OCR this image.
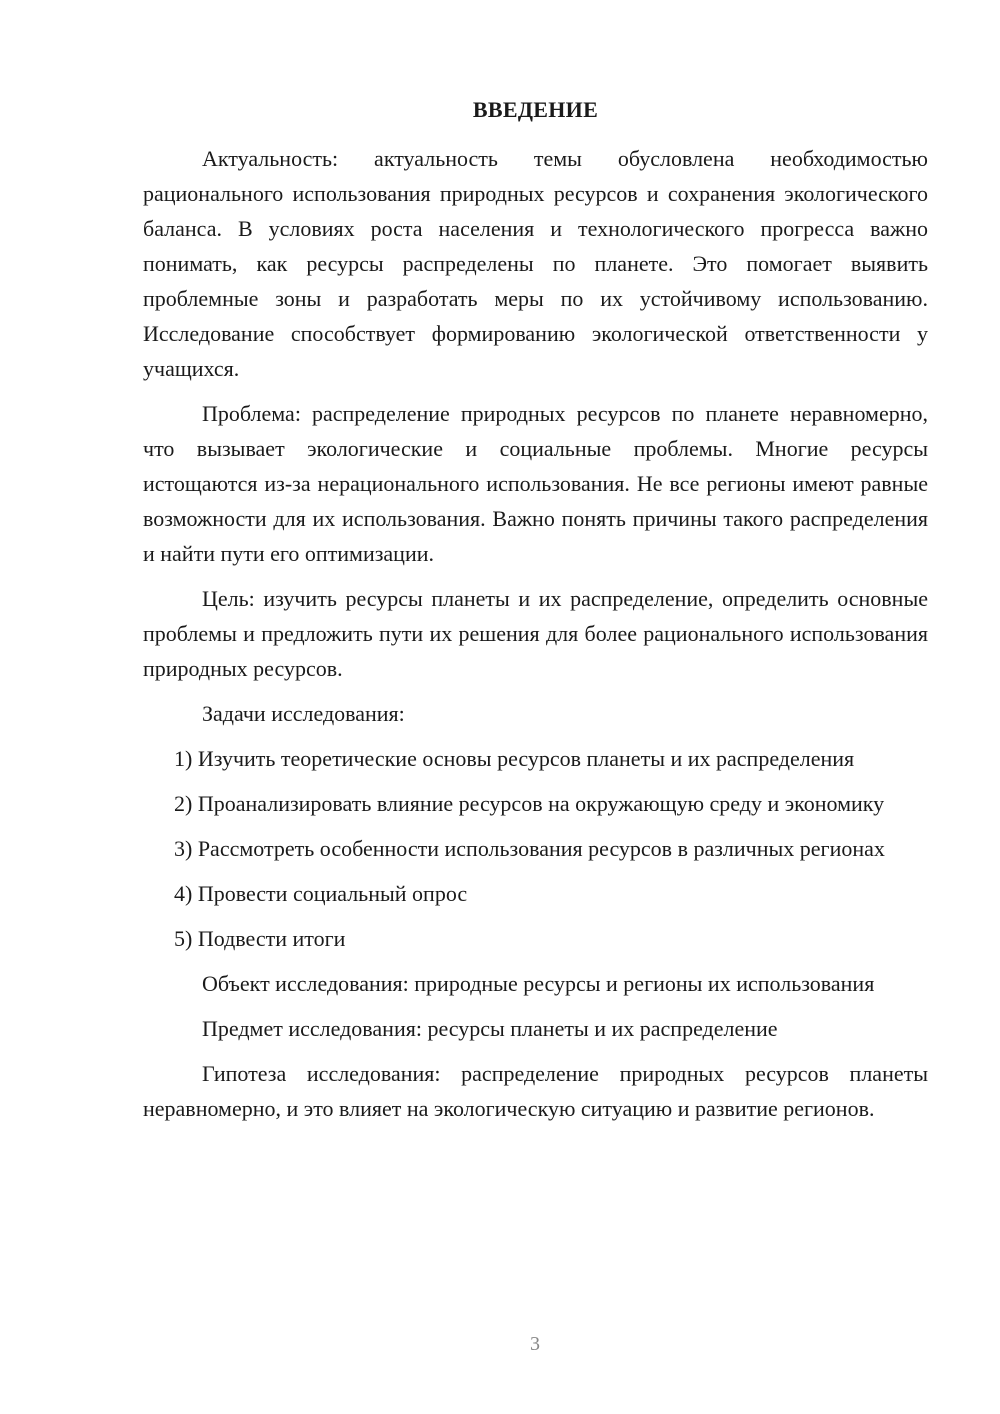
ВВЕДЕНИЕ

Актуальность: актуальность темы обусловлена необходимостью рационального использования природных ресурсов и сохранения экологического баланса. В условиях роста населения и технологического прогресса важно понимать, как ресурсы распределены по планете. Это помогает выявить проблемные зоны и разработать меры по их устойчивому использованию. Исследование способствует формированию экологической ответственности у учащихся.

Проблема: распределение природных ресурсов по планете неравномерно, что вызывает экологические и социальные проблемы. Многие ресурсы истощаются из-за нерационального использования. Не все регионы имеют равные возможности для их использования. Важно понять причины такого распределения и найти пути его оптимизации.

Цель: изучить ресурсы планеты и их распределение, определить основные проблемы и предложить пути их решения для более рационального использования природных ресурсов.

Задачи исследования:

1) Изучить теоретические основы ресурсов планеты и их распределения

2) Проанализировать влияние ресурсов на окружающую среду и экономику

3) Рассмотреть особенности использования ресурсов в различных регионах

4) Провести социальный опрос

5) Подвести итоги

Объект исследования: природные ресурсы и регионы их использования

Предмет исследования: ресурсы планеты и их распределение

Гипотеза исследования: распределение природных ресурсов планеты неравномерно, и это влияет на экологическую ситуацию и развитие регионов.

3
